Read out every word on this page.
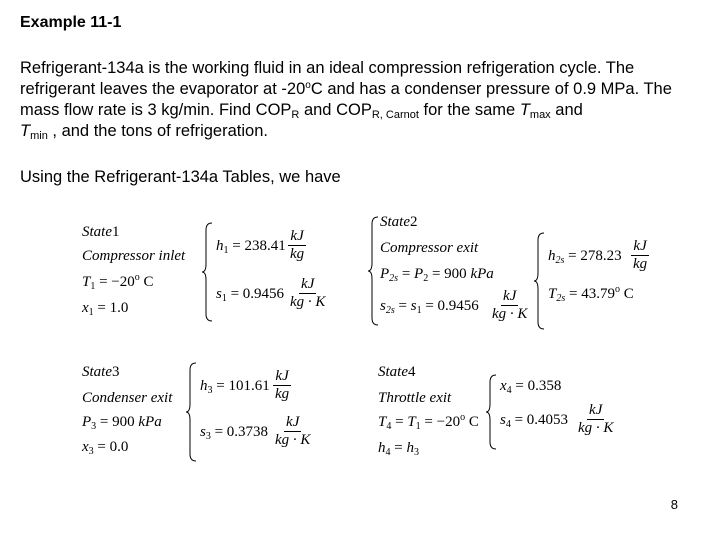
Example 11-1
Refrigerant-134a is the working fluid in an ideal compression refrigeration cycle. The refrigerant leaves the evaporator at -20$^o$C and has a condenser pressure of 0.9 MPa. The mass flow rate is 3 kg/min. Find $COP_R$ and $COP_{R, Carnot}$ for the same $T_{max}$ and
$T_{min}$ , and the tons of refrigeration.
Using the Refrigerant-134a Tables, we have
State1
Compressor inlet
$T_1 = -20^o$ C
$x_1 = 1.0$
$h_1 = 238.41$
$s_1 = 0.9456$
$\frac{kJ}{kg}$
$\frac{kJ}{kg \cdot K}$
State2
Compressor exit
$P_{2s} = P_2 = 900$ kPa
$s_{2s} = s_1 = 0.9456 \frac{kJ}{kg \cdot K}$
$h_{2s} = 278.23$
$T_{2s} = 43.79^o$ C
$\frac{kJ}{kg}$
State3
Condenser exit
$P_3 = 900$ kPa
$x_3 = 0.0$
$h_3 = 101.61$
$s_3 = 0.3738$
$\frac{kJ}{kg}$
$\frac{kJ}{kg \cdot K}$
State4
Throttle exit
$T_4 = T_1 = -20^o$ C
$h_4 = h_3$
$x_4 = 0.358$
$s_4 = 0.4053 \frac{kJ}{kg \cdot K}$
8
